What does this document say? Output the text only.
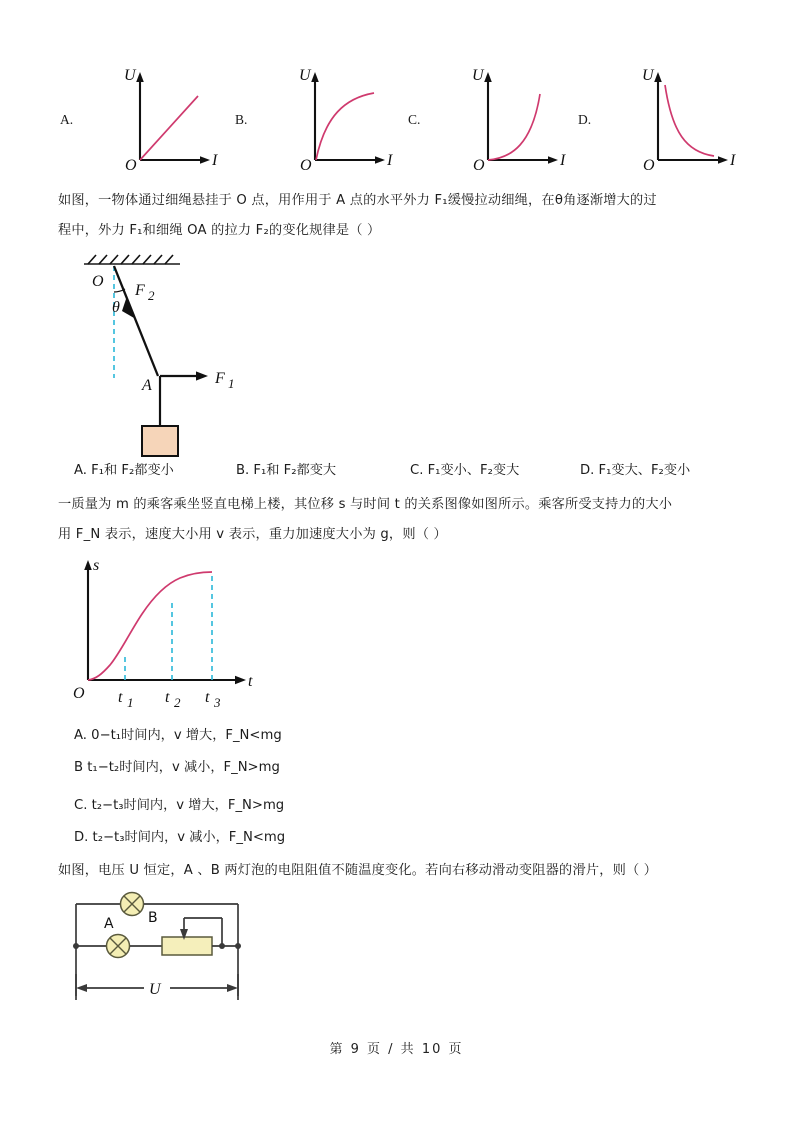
A.
U
I
O
B.
U
I
O
C.
U
I
O
D.
U
I
O
如图，一物体通过细绳悬挂于 O 点，用作用于 A 点的水平外力 F₁缓慢拉动细绳，在θ角逐渐增大的过
程中，外力 F₁和细绳 OA 的拉力 F₂的变化规律是（ ）
O
θ
F 2
A	F 1
A. F₁和 F₂都变小	B. F₁和 F₂都变大	C. F₁变小、F₂变大	D. F₁变大、F₂变小
一质量为 m 的乘客乘坐竖直电梯上楼，其位移 s 与时间 t 的关系图像如图所示。乘客所受支持力的大小
用 F_N 表示，速度大小用 v 表示，重力加速度大小为 g，则（ ）
s
t
O t 1 t 2 t 3
A. 0−t₁时间内，v 增大，F_N<mg
B t₁−t₂时间内，v 减小，F_N>mg
C. t₂−t₃时间内，v 增大，F_N>mg
D. t₂−t₃时间内，v 减小，F_N<mg
如图，电压 U 恒定，A 、B 两灯泡的电阻阻值不随温度变化。若向右移动滑动变阻器的滑片，则（ ）
B
A
U
第 9 页 / 共 10 页
